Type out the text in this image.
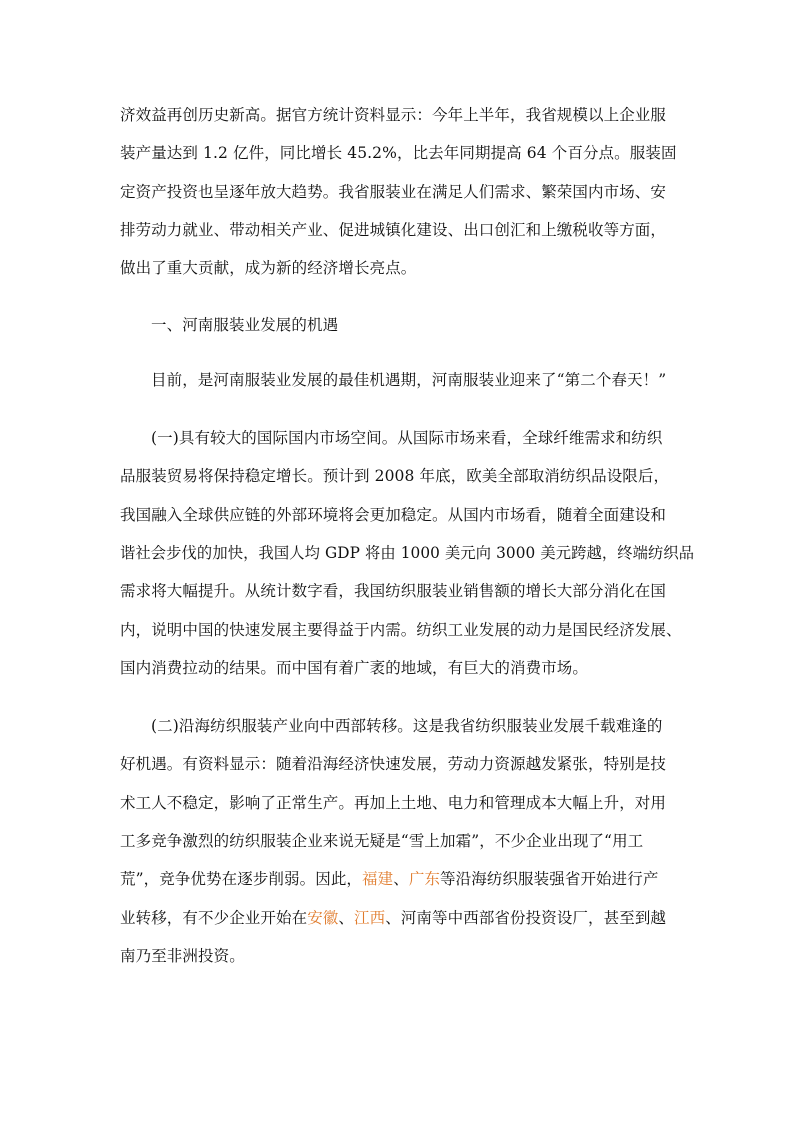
济效益再创历史新高。据官方统计资料显示：今年上半年，我省规模以上企业服
装产量达到 1.2 亿件，同比增长 45.2%，比去年同期提高 64 个百分点。服装固
定资产投资也呈逐年放大趋势。我省服装业在满足人们需求、繁荣国内市场、安
排劳动力就业、带动相关产业、促进城镇化建设、出口创汇和上缴税收等方面，
做出了重大贡献，成为新的经济增长亮点。
一、河南服装业发展的机遇
目前，是河南服装业发展的最佳机遇期，河南服装业迎来了“第二个春天！”
(一)具有较大的国际国内市场空间。从国际市场来看，全球纤维需求和纺织
品服装贸易将保持稳定增长。预计到 2008 年底，欧美全部取消纺织品设限后，
我国融入全球供应链的外部环境将会更加稳定。从国内市场看，随着全面建设和
谐社会步伐的加快，我国人均 GDP 将由 1000 美元向 3000 美元跨越，终端纺织品
需求将大幅提升。从统计数字看，我国纺织服装业销售额的增长大部分消化在国
内，说明中国的快速发展主要得益于内需。纺织工业发展的动力是国民经济发展、
国内消费拉动的结果。而中国有着广袤的地域，有巨大的消费市场。
(二)沿海纺织服装产业向中西部转移。这是我省纺织服装业发展千载难逢的
好机遇。有资料显示：随着沿海经济快速发展，劳动力资源越发紧张，特别是技
术工人不稳定，影响了正常生产。再加上土地、电力和管理成本大幅上升，对用
工多竞争激烈的纺织服装企业来说无疑是“雪上加霜”，不少企业出现了“用工
荒”，竞争优势在逐步削弱。因此，福建、广东等沿海纺织服装强省开始进行产
业转移，有不少企业开始在安徽、江西、河南等中西部省份投资设厂，甚至到越
南乃至非洲投资。
